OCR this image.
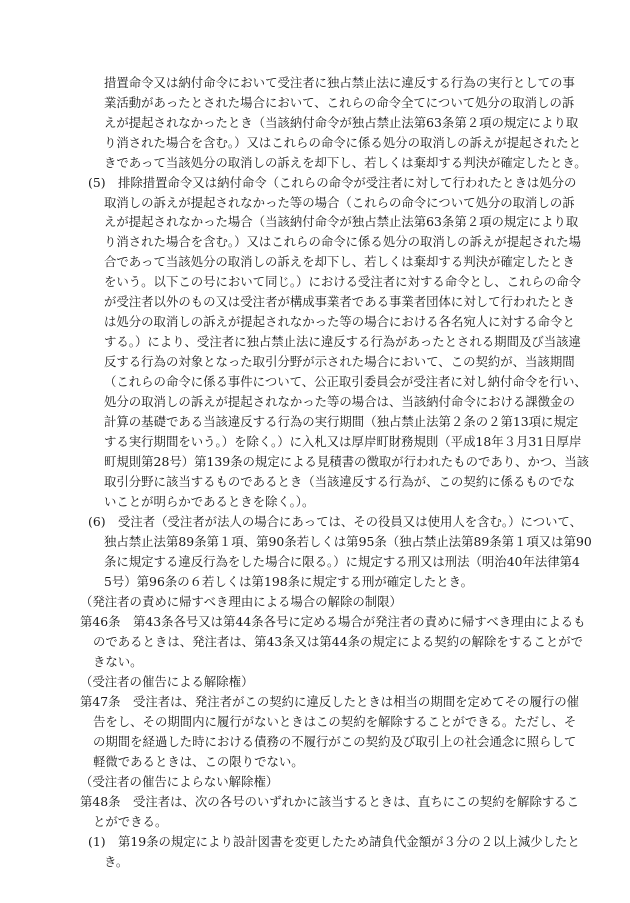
措置命令又は納付命令において受注者に独占禁止法に違反する行為の実行としての事
業活動があったとされた場合において、これらの命令全てについて処分の取消しの訴
えが提起されなかったとき（当該納付命令が独占禁止法第63条第２項の規定により取
り消された場合を含む。）又はこれらの命令に係る処分の取消しの訴えが提起されたと
きであって当該処分の取消しの訴えを却下し、若しくは棄却する判決が確定したとき。
(5)　排除措置命令又は納付命令（これらの命令が受注者に対して行われたときは処分の
取消しの訴えが提起されなかった等の場合（これらの命令について処分の取消しの訴
えが提起されなかった場合（当該納付命令が独占禁止法第63条第２項の規定により取
り消された場合を含む。）又はこれらの命令に係る処分の取消しの訴えが提起された場
合であって当該処分の取消しの訴えを却下し、若しくは棄却する判決が確定したとき
をいう。以下この号において同じ。）における受注者に対する命令とし、これらの命令
が受注者以外のもの又は受注者が構成事業者である事業者団体に対して行われたとき
は処分の取消しの訴えが提起されなかった等の場合における各名宛人に対する命令と
する。）により、受注者に独占禁止法に違反する行為があったとされる期間及び当該違
反する行為の対象となった取引分野が示された場合において、この契約が、当該期間
（これらの命令に係る事件について、公正取引委員会が受注者に対し納付命令を行い、
処分の取消しの訴えが提起されなかった等の場合は、当該納付命令における課徴金の
計算の基礎である当該違反する行為の実行期間（独占禁止法第２条の２第13項に規定
する実行期間をいう。）を除く。）に入札又は厚岸町財務規則（平成18年３月31日厚岸
町規則第28号）第139条の規定による見積書の徴取が行われたものであり、かつ、当該
取引分野に該当するものであるとき（当該違反する行為が、この契約に係るものでな
いことが明らかであるときを除く。）。
(6)　受注者（受注者が法人の場合にあっては、その役員又は使用人を含む。）について、
独占禁止法第89条第１項、第90条若しくは第95条（独占禁止法第89条第１項又は第90
条に規定する違反行為をした場合に限る。）に規定する刑又は刑法（明治40年法律第4
5号）第96条の６若しくは第198条に規定する刑が確定したとき。
（発注者の責めに帰すべき理由による場合の解除の制限）
第46条　第43条各号又は第44条各号に定める場合が発注者の責めに帰すべき理由によるも
のであるときは、発注者は、第43条又は第44条の規定による契約の解除をすることがで
きない。
（受注者の催告による解除権）
第47条　受注者は、発注者がこの契約に違反したときは相当の期間を定めてその履行の催
告をし、その期間内に履行がないときはこの契約を解除することができる。ただし、そ
の期間を経過した時における債務の不履行がこの契約及び取引上の社会通念に照らして
軽微であるときは、この限りでない。
（受注者の催告によらない解除権）
第48条　受注者は、次の各号のいずれかに該当するときは、直ちにこの契約を解除するこ
とができる。
(1)　第19条の規定により設計図書を変更したため請負代金額が３分の２以上減少したと
き。
